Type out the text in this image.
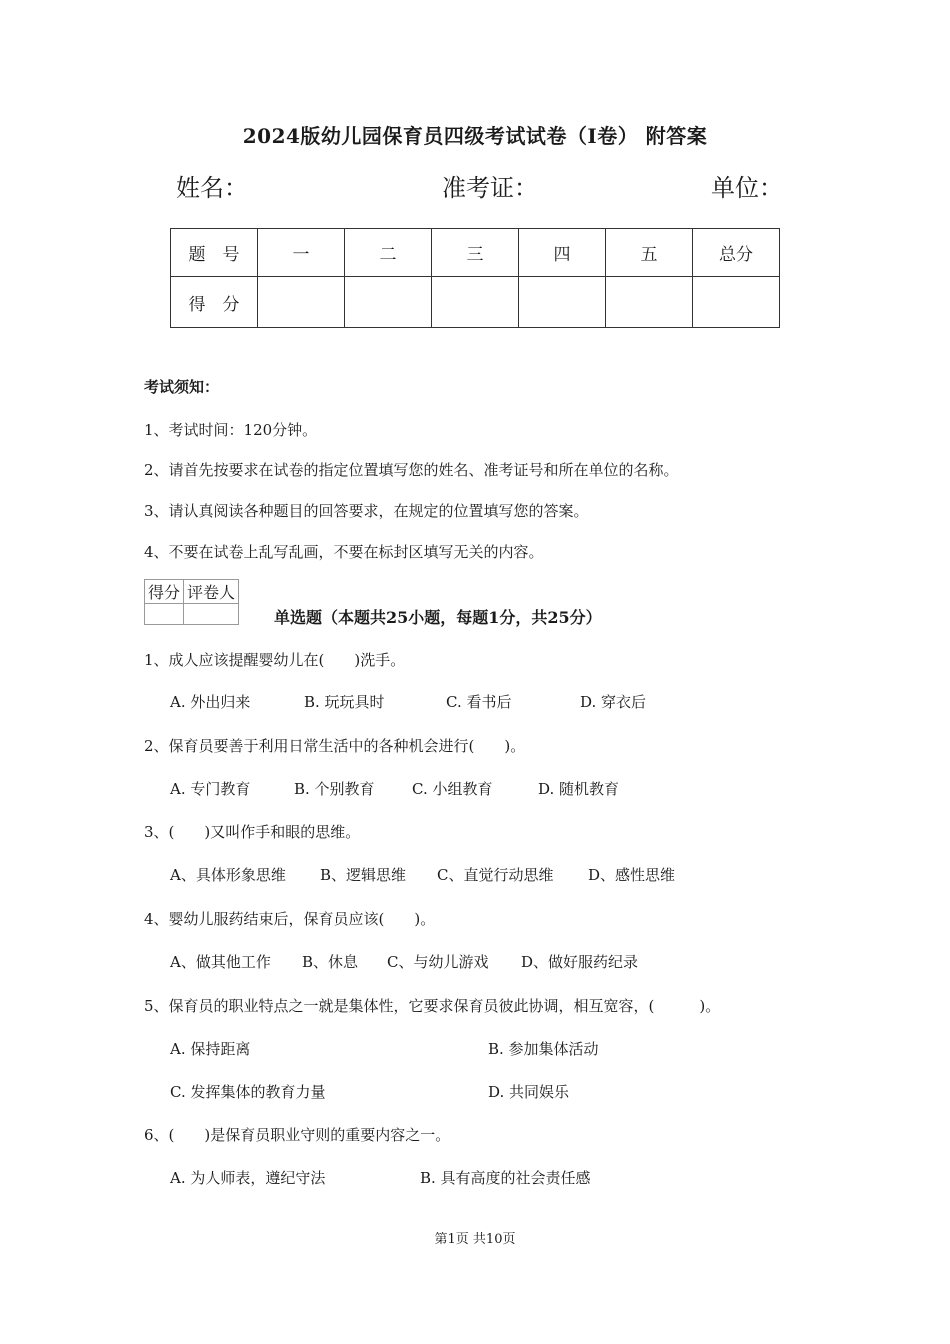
2024版幼儿园保育员四级考试试卷（I卷） 附答案
姓名：	准考证：	单位：
题　号	一	二	三	四	五	总分
得　分						
考试须知：
1、考试时间：120分钟。
2、请首先按要求在试卷的指定位置填写您的姓名、准考证号和所在单位的名称。
3、请认真阅读各种题目的回答要求，在规定的位置填写您的答案。
4、不要在试卷上乱写乱画，不要在标封区填写无关的内容。
得分	评卷人

单选题（本题共25小题，每题1分，共25分）
1、成人应该提醒婴幼儿在(　　)洗手。
A. 外出归来	B. 玩玩具时	C. 看书后	D. 穿衣后
2、保育员要善于利用日常生活中的各种机会进行(　　)。
A. 专门教育	B. 个别教育 C. 小组教育	D. 随机教育
3、(　　)又叫作手和眼的思维。
A、具体形象思维 B、逻辑思维 C、直觉行动思维 D、感性思维
4、婴幼儿服药结束后，保育员应该(　　)。
A、做其他工作 B、休息 C、与幼儿游戏 D、做好服药纪录
5、保育员的职业特点之一就是集体性，它要求保育员彼此协调，相互宽容，(　　　)。
A. 保持距离	B. 参加集体活动
C. 发挥集体的教育力量	D. 共同娱乐
6、(　　)是保育员职业守则的重要内容之一。
A. 为人师表，遵纪守法	B. 具有高度的社会责任感
第1页 共10页
